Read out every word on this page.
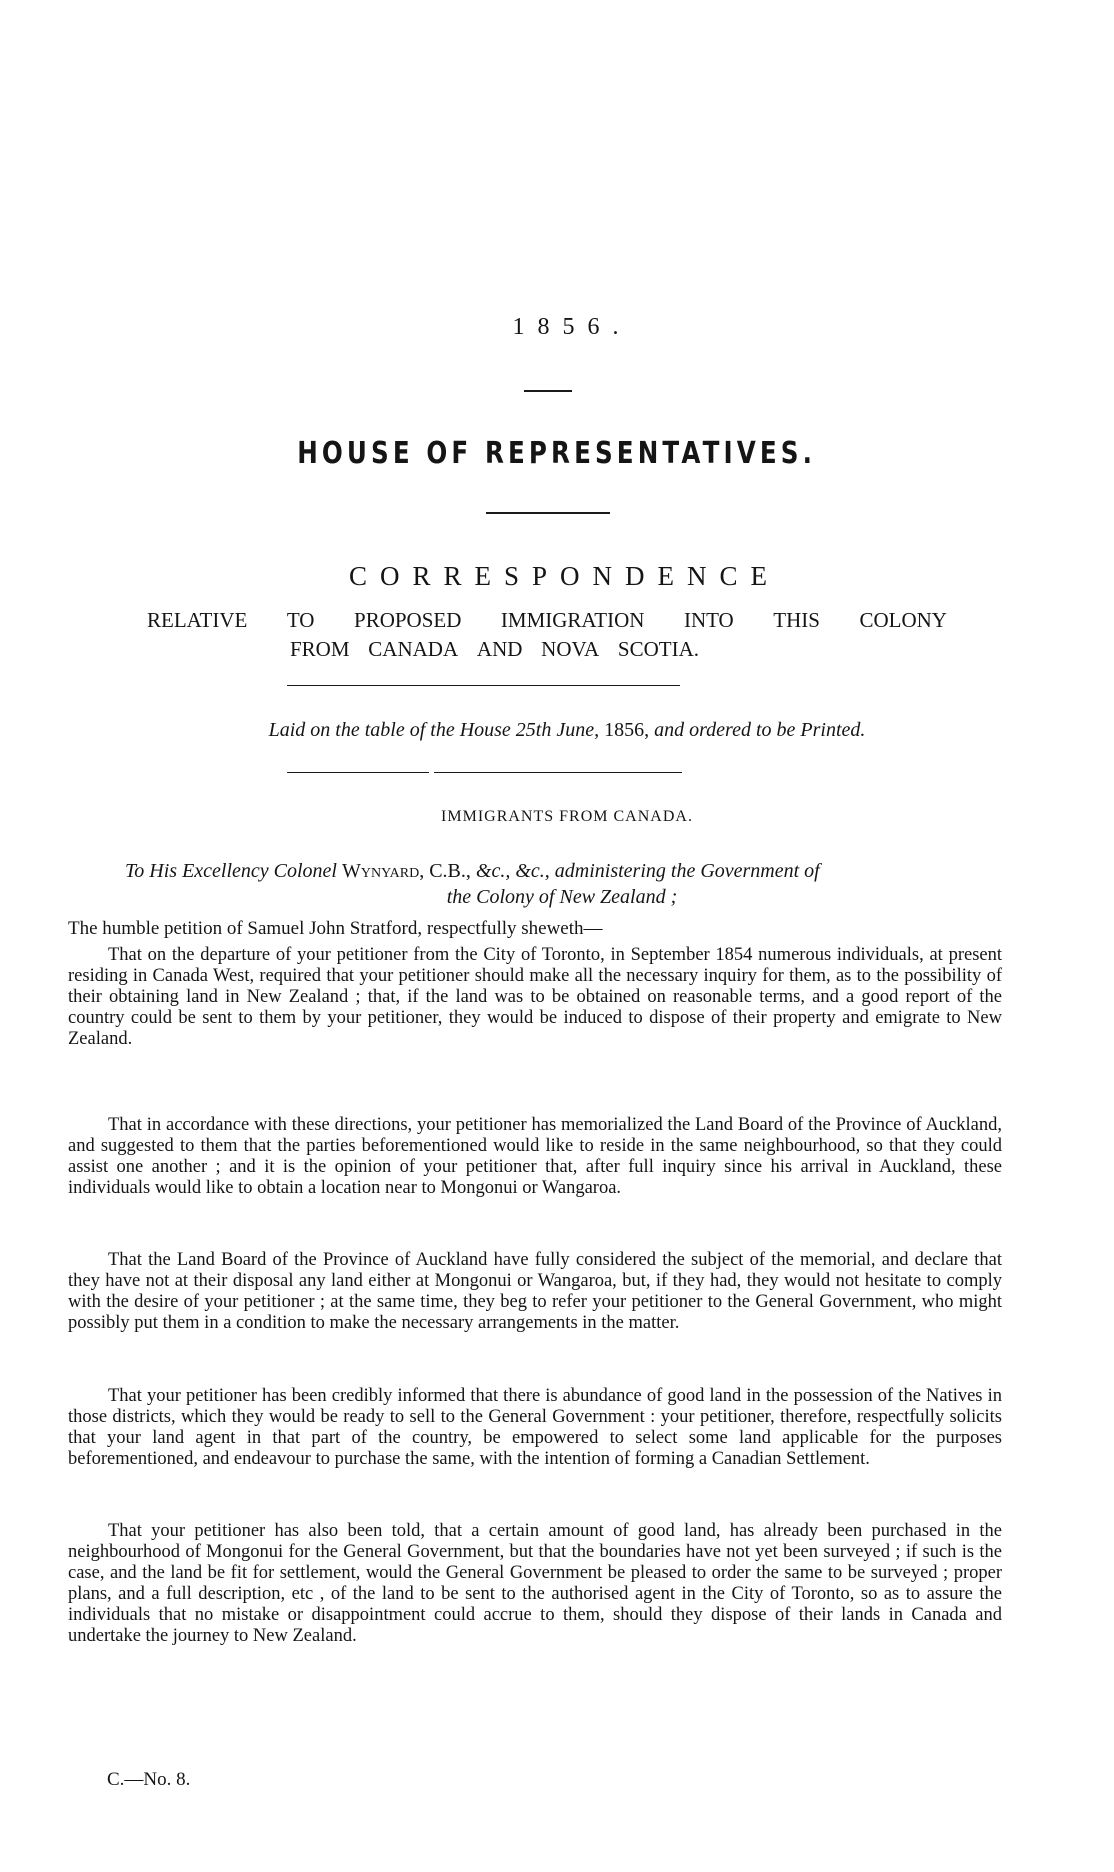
1856.
HOUSE OF REPRESENTATIVES.
CORRESPONDENCE
RELATIVE TO PROPOSED IMMIGRATION INTO THIS COLONY
FROM CANADA AND NOVA SCOTIA.
Laid on the table of the House 25th June, 1856, and ordered to be Printed.
IMMIGRANTS FROM CANADA.
To His Excellency Colonel Wynyard, C.B., &c., &c., administering the Government of
the Colony of New Zealand ;
The humble petition of Samuel John Stratford, respectfully sheweth—
That on the departure of your petitioner from the City of Toronto, in September 1854 numerous individuals, at present residing in Canada West, required that your petitioner should make all the necessary inquiry for them, as to the possibility of their obtaining land in New Zealand ; that, if the land was to be obtained on reasonable terms, and a good report of the country could be sent to them by your petitioner, they would be induced to dispose of their property and emigrate to New Zealand.
That in accordance with these directions, your petitioner has memorialized the Land Board of the Province of Auckland, and suggested to them that the parties beforementioned would like to reside in the same neighbourhood, so that they could assist one another ; and it is the opinion of your petitioner that, after full inquiry since his arrival in Auckland, these individuals would like to obtain a location near to Mongonui or Wangaroa.
That the Land Board of the Province of Auckland have fully considered the subject of the memorial, and declare that they have not at their disposal any land either at Mongonui or Wangaroa, but, if they had, they would not hesitate to comply with the desire of your petitioner ; at the same time, they beg to refer your petitioner to the General Government, who might possibly put them in a condition to make the necessary arrangements in the matter.
That your petitioner has been credibly informed that there is abundance of good land in the possession of the Natives in those districts, which they would be ready to sell to the General Government : your petitioner, therefore, respectfully solicits that your land agent in that part of the country, be empowered to select some land applicable for the purposes beforementioned, and endeavour to purchase the same, with the intention of forming a Canadian Settlement.
That your petitioner has also been told, that a certain amount of good land, has already been purchased in the neighbourhood of Mongonui for the General Government, but that the boundaries have not yet been surveyed ; if such is the case, and the land be fit for settlement, would the General Government be pleased to order the same to be surveyed ; proper plans, and a full description, etc , of the land to be sent to the authorised agent in the City of Toronto, so as to assure the individuals that no mistake or disappointment could accrue to them, should they dispose of their lands in Canada and undertake the journey to New Zealand.
C.—No. 8.
